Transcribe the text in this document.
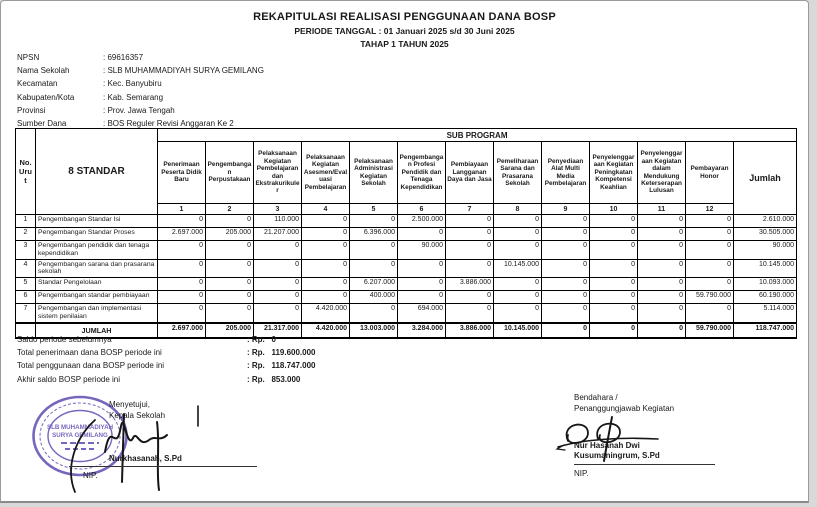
REKAPITULASI REALISASI PENGGUNAAN DANA BOSP
PERIODE TANGGAL : 01 Januari 2025 s/d 30 Juni 2025
TAHAP 1 TAHUN 2025
NPSN	: 69616357
Nama Sekolah	: SLB MUHAMMADIYAH SURYA GEMILANG
Kecamatan	: Kec. Banyubiru
Kabupaten/Kota	: Kab. Semarang
Provinsi	: Prov. Jawa Tengah
Sumber Dana	: BOS Reguler Revisi Anggaran Ke 2
No. Urut	8 STANDAR	SUB PROGRAM												
		Penerimaan Peserta Didik Baru	Pengembangan Perpustakaan	Pelaksanaan Kegiatan Pembelajaran dan Ekstrakurikuler	Pelaksanaan Kegiatan Asesmen/Evaluasi Pembelajaran	Pelaksanaan Administrasi Kegiatan Sekolah	Pengembangan Profesi Pendidik dan Tenaga Kependidikan	Pembiayaan Langganan Daya dan Jasa	Pemeliharaan Sarana dan Prasarana Sekolah	Penyediaan Alat Multi Media Pembelajaran	Penyelenggaraan Kegiatan Peningkatan Kompetensi Keahlian	Penyelenggaraan Kegiatan dalam Mendukung Keterserapan Lulusan	Pembayaran Honor	Jumlah
		1	2	3	4	5	6	7	8	9	10	11	12	
1	Pengembangan Standar Isi	0	0	110.000	0	0	2.500.000	0	0	0	0	0	0	2.610.000
2	Pengembangan Standar Proses	2.697.000	205.000	21.207.000	0	6.396.000	0	0	0	0	0	0	0	30.505.000
3	Pengembangan pendidik dan tenaga kependidikan	0	0	0	0	0	90.000	0	0	0	0	0	0	90.000
4	Pengembangan sarana dan prasarana sekolah	0	0	0	0	0	0	0	10.145.000	0	0	0	0	10.145.000
5	Standar Pengelolaan	0	0	0	0	6.207.000	0	3.886.000	0	0	0	0	0	10.093.000
6	Pengembangan standar pembiayaan	0	0	0	0	400.000	0	0	0	0	0	0	59.790.000	60.190.000
7	Pengembangan dan implementasi sistem penilaian	0	0	0	4.420.000	0	694.000	0	0	0	0	0	0	5.114.000
	JUMLAH	2.697.000	205.000	21.317.000	4.420.000	13.003.000	3.284.000	3.886.000	10.145.000	0	0	0	59.790.000	118.747.000
Saldo periode sebelumnya	: Rp.   0
Total penerimaan dana BOSP periode ini	: Rp.   119.600.000
Total penggunaan dana BOSP periode ini	: Rp.   118.747.000
Akhir saldo BOSP periode ini	: Rp.   853.000
SLB MUHAMMADIYAH
SURYA GEMILANG
Menyetujui,
Kepala Sekolah
Nurkhasanah, S.Pd
NIP.
Bendahara /
Penanggungjawab Kegiatan
Nur Hasanah Dwi
Kusumaningrum, S.Pd
NIP.
